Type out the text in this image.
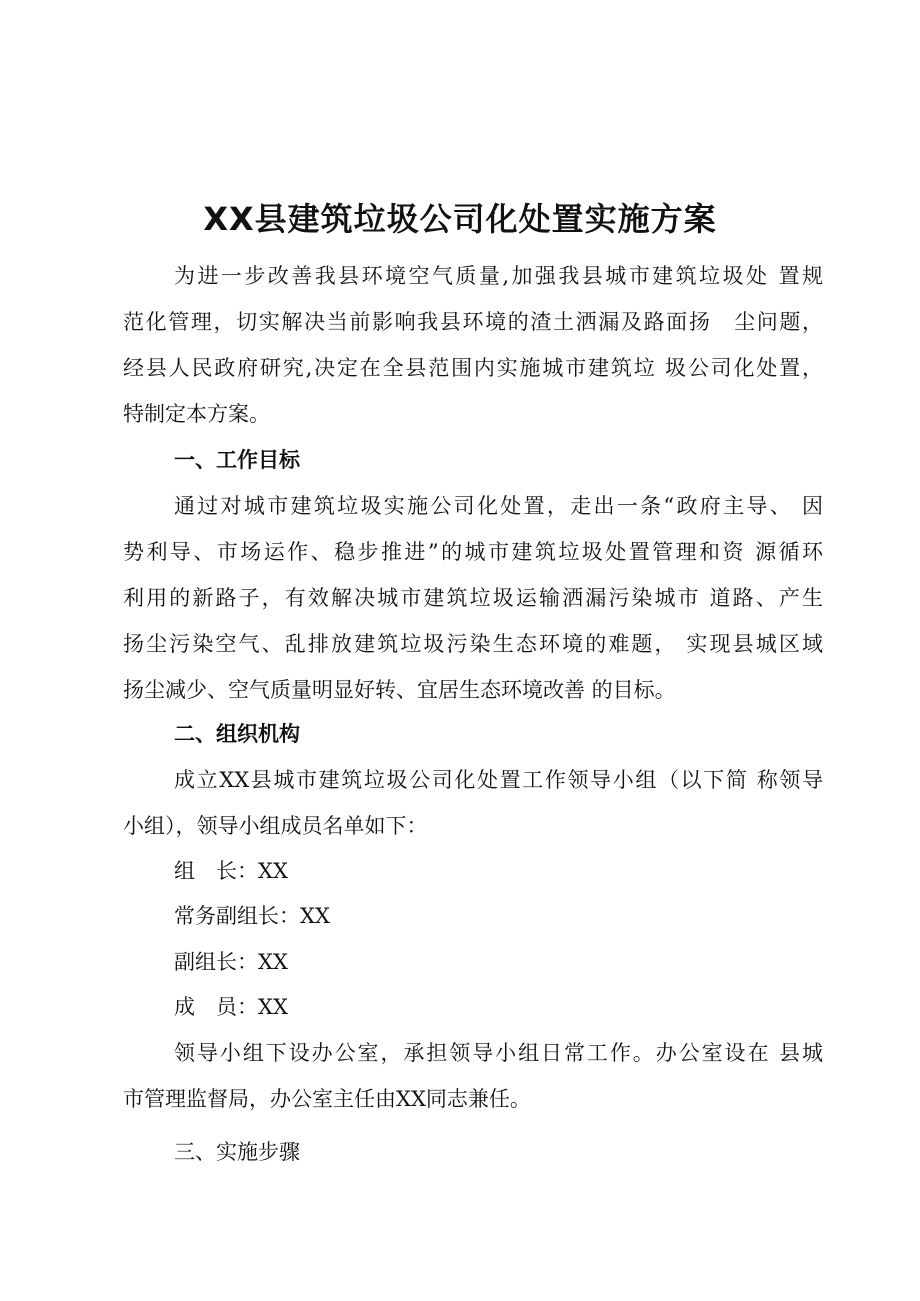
XX县建筑垃圾公司化处置实施方案
为进一步改善我县环境空气质量,加强我县城市建筑垃圾处 置规
范化管理，切实解决当前影响我县环境的渣土洒漏及路面扬　尘问题，
经县人民政府研究,决定在全县范围内实施城市建筑垃 圾公司化处置，
特制定本方案。
一、工作目标
通过对城市建筑垃圾实施公司化处置，走出一条“政府主导、 因
势利导、市场运作、稳步推进”的城市建筑垃圾处置管理和资 源循环
利用的新路子，有效解决城市建筑垃圾运输洒漏污染城市 道路、产生
扬尘污染空气、乱排放建筑垃圾污染生态环境的难题， 实现县城区域
扬尘减少、空气质量明显好转、宜居生态环境改善 的目标。
二、组织机构
成立XX县城市建筑垃圾公司化处置工作领导小组（以下简 称领导
小组），领导小组成员名单如下：
组　长：XX
常务副组长：XX
副组长：XX
成　员：XX
领导小组下设办公室，承担领导小组日常工作。办公室设在 县城
市管理监督局，办公室主任由XX同志兼任。
三、实施步骤
